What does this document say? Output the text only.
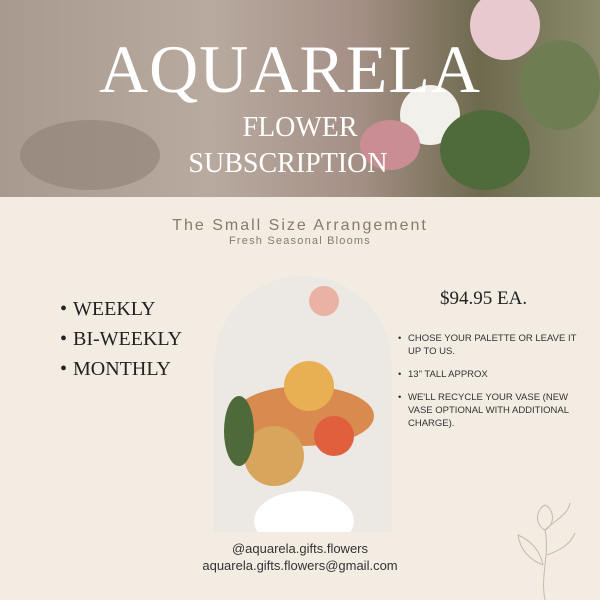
AQUARELA
FLOWER
SUBSCRIPTION
The Small Size Arrangement
Fresh Seasonal Blooms
• WEEKLY
• BI-WEEKLY
• MONTHLY
$94.95 EA.
• CHOSE YOUR PALETTE OR LEAVE IT UP TO US.
• 13" TALL APPROX
• WE'LL RECYCLE YOUR VASE (NEW VASE OPTIONAL WITH ADDITIONAL CHARGE).
@aquarela.gifts.flowers
aquarela.gifts.flowers@gmail.com
